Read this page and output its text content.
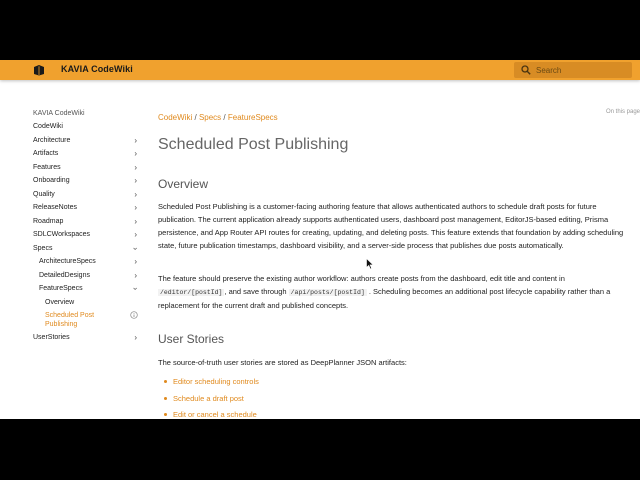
KAVIA CodeWiki
Search
KAVIA CodeWiki
CodeWiki
Architecture	›
Artifacts	›
Features	›
Onboarding	›
Quality	›
ReleaseNotes	›
Roadmap	›
SDLCWorkspaces	›
Specs	›
ArchitectureSpecs	›
DetailedDesigns	›
FeatureSpecs	›
Overview
Scheduled Post Publishing
UserStories	›
CodeWiki / Specs / FeatureSpecs
Scheduled Post Publishing
Overview
Scheduled Post Publishing is a customer-facing authoring feature that allows authenticated authors to schedule draft posts for future publication. The current application already supports authenticated users, dashboard post management, EditorJS-based editing, Prisma persistence, and App Router API routes for creating, updating, and deleting posts. This feature extends that foundation by adding scheduling state, future publication timestamps, dashboard visibility, and a server-side process that publishes due posts automatically.
The feature should preserve the existing author workflow: authors create posts from the dashboard, edit title and content in /editor/[postId] , and save through /api/posts/[postId] . Scheduling becomes an additional post lifecycle capability rather than a replacement for the current draft and published concepts.
User Stories
The source-of-truth user stories are stored as DeepPlanner JSON artifacts:
Editor scheduling controls
Schedule a draft post
Edit or cancel a schedule
On this page
